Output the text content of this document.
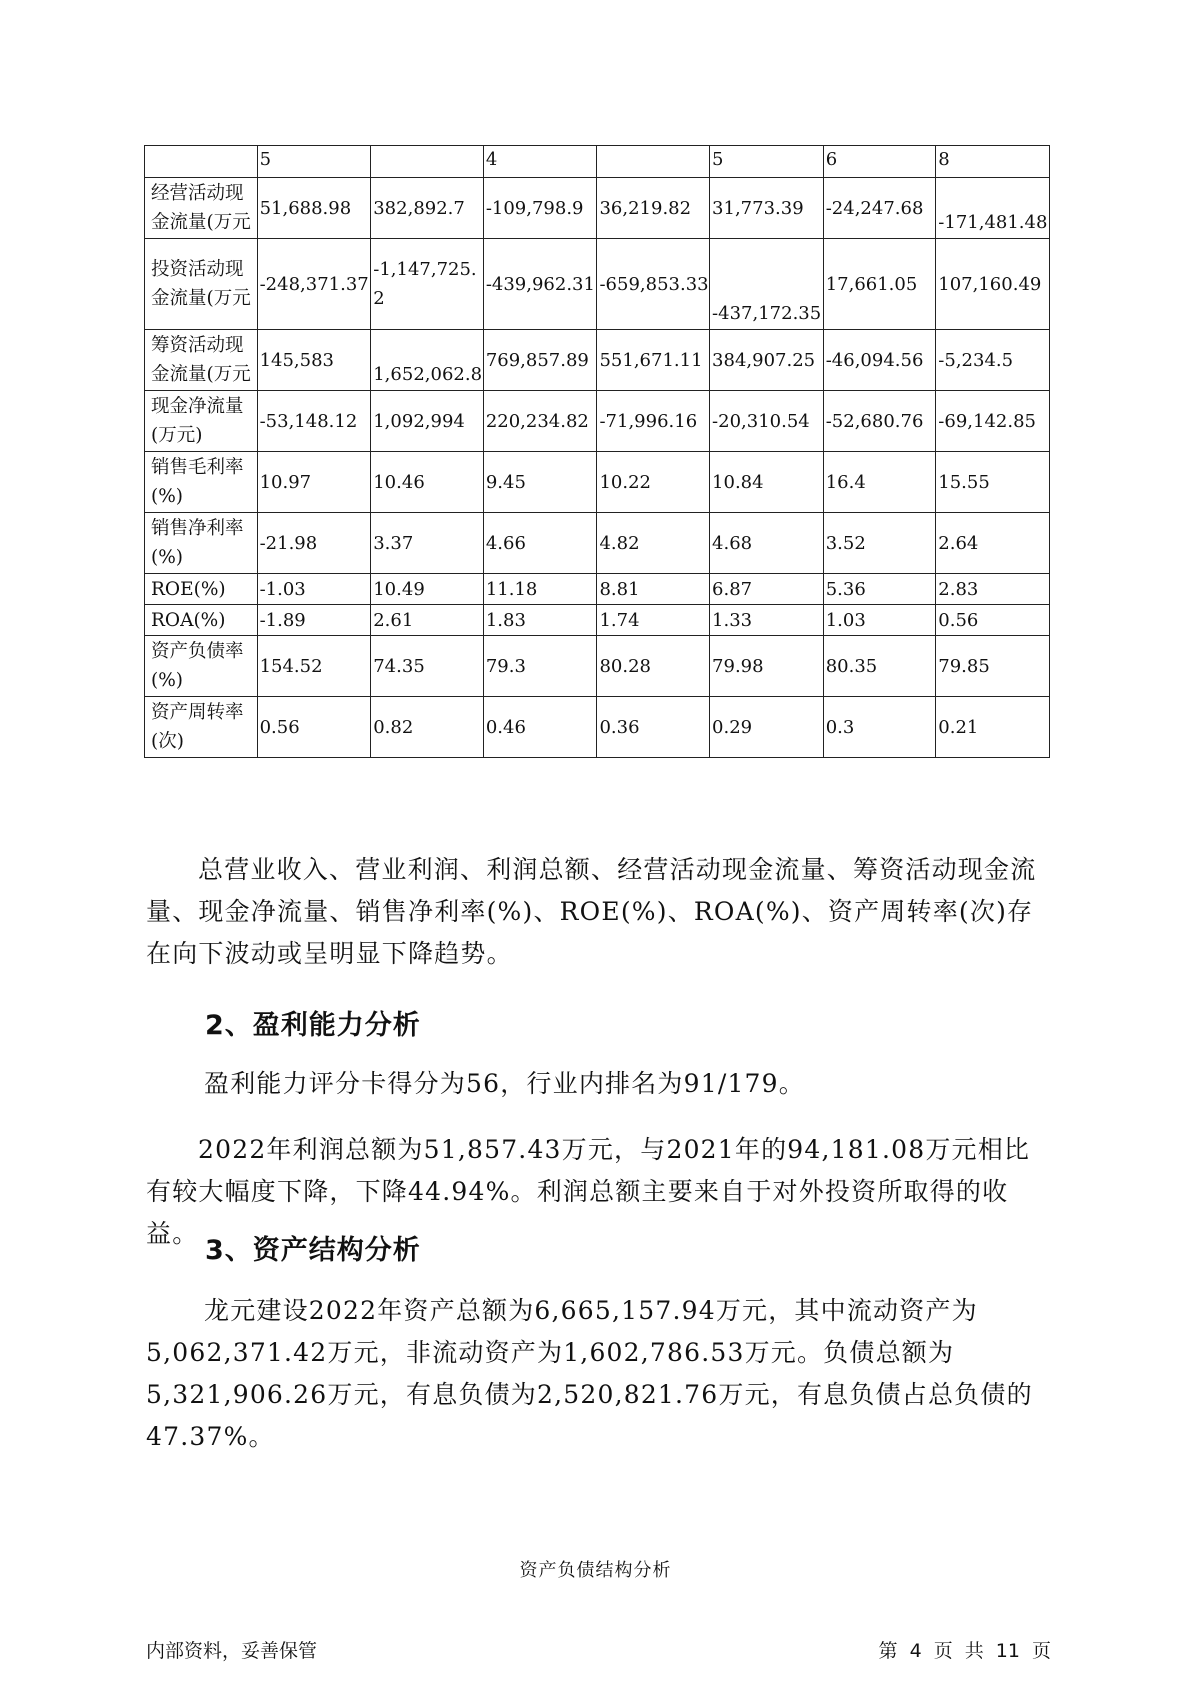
	5		4		5	6	8
经营活动现金流量(万元	51,688.98	382,892.7	-109,798.9	36,219.82	31,773.39	-24,247.68	-171,481.48
投资活动现金流量(万元	-248,371.37	-1,147,725.2	-439,962.31	-659,853.33	-437,172.35	17,661.05	107,160.49
筹资活动现金流量(万元	145,583	1,652,062.8	769,857.89	551,671.11	384,907.25	-46,094.56	-5,234.5
现金净流量(万元)	-53,148.12	1,092,994	220,234.82	-71,996.16	-20,310.54	-52,680.76	-69,142.85
销售毛利率(%)	10.97	10.46	9.45	10.22	10.84	16.4	15.55
销售净利率(%)	-21.98	3.37	4.66	4.82	4.68	3.52	2.64
ROE(%)	-1.03	10.49	11.18	8.81	6.87	5.36	2.83
ROA(%)	-1.89	2.61	1.83	1.74	1.33	1.03	0.56
资产负债率(%)	154.52	74.35	79.3	80.28	79.98	80.35	79.85
资产周转率(次)	0.56	0.82	0.46	0.36	0.29	0.3	0.21

总营业收入、营业利润、利润总额、经营活动现金流量、筹资活动现金流量、现金净流量、销售净利率(%)、ROE(%)、ROA(%)、资产周转率(次)存在向下波动或呈明显下降趋势。

2、盈利能力分析

盈利能力评分卡得分为56，行业内排名为91/179。

2022年利润总额为51,857.43万元，与2021年的94,181.08万元相比有较大幅度下降，下降44.94%。利润总额主要来自于对外投资所取得的收益。

3、资产结构分析

龙元建设2022年资产总额为6,665,157.94万元，其中流动资产为5,062,371.42万元，非流动资产为1,602,786.53万元。负债总额为5,321,906.26万元，有息负债为2,520,821.76万元，有息负债占总负债的47.37%。

资产负债结构分析
内部资料，妥善保管	第 4 页 共 11 页
